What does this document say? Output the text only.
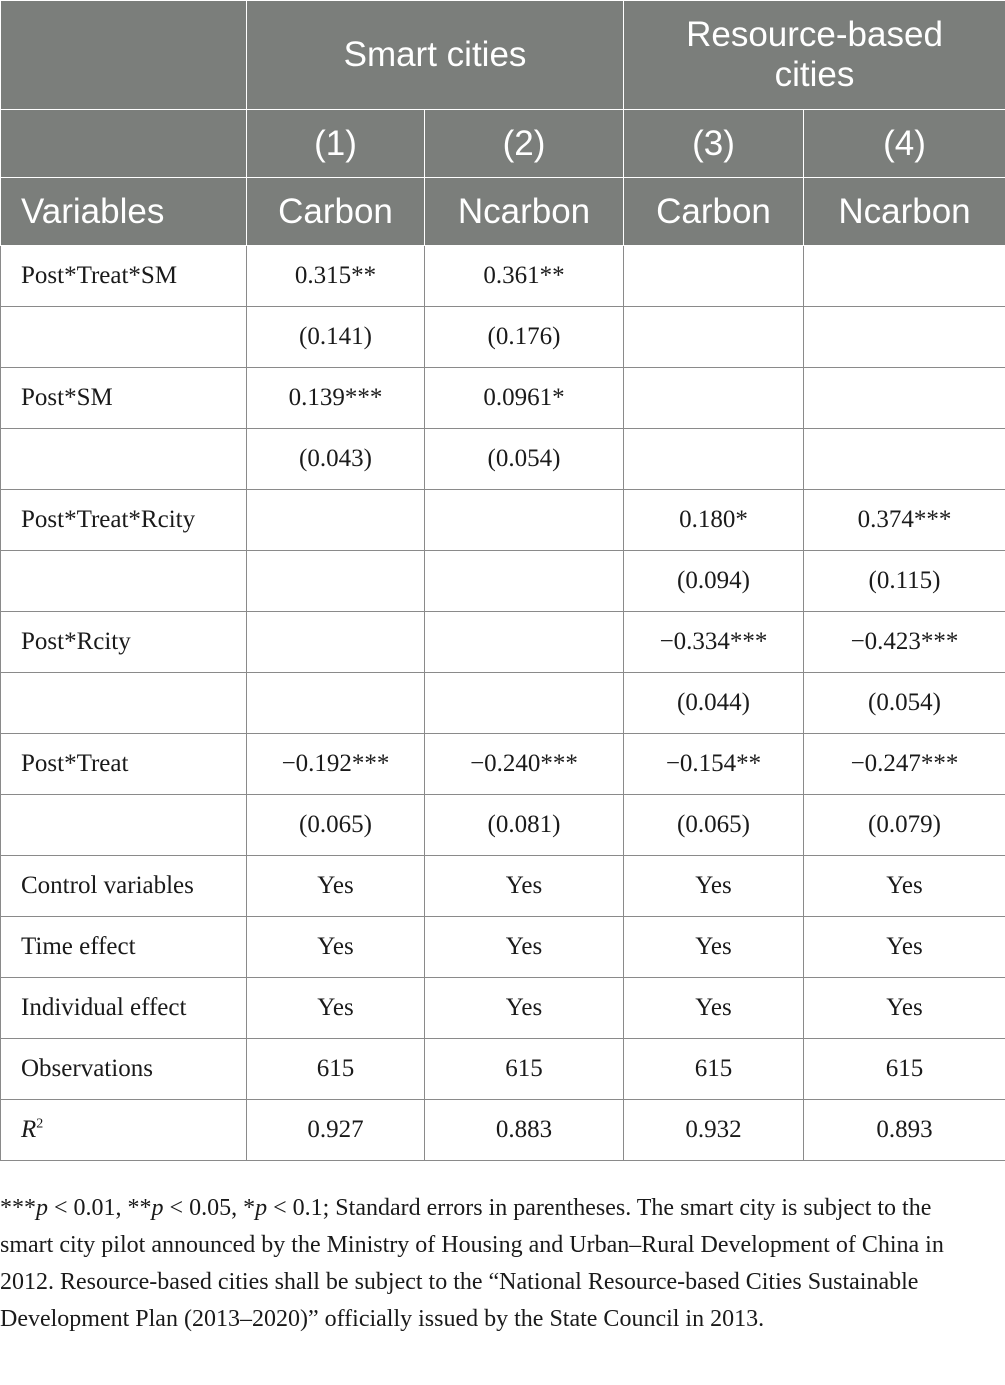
	Smart cities		Resource-based cities	
	(1)	(2)	(3)	(4)
Variables	Carbon	Ncarbon	Carbon	Ncarbon
Post*Treat*SM	0.315**	0.361**		
	(0.141)	(0.176)		
Post*SM	0.139***	0.0961*		
	(0.043)	(0.054)		
Post*Treat*Rcity			0.180*	0.374***
			(0.094)	(0.115)
Post*Rcity			−0.334***	−0.423***
			(0.044)	(0.054)
Post*Treat	−0.192***	−0.240***	−0.154**	−0.247***
	(0.065)	(0.081)	(0.065)	(0.079)
Control variables	Yes	Yes	Yes	Yes
Time effect	Yes	Yes	Yes	Yes
Individual effect	Yes	Yes	Yes	Yes
Observations	615	615	615	615
$R^2$	0.927	0.883	0.932	0.893
***p < 0.01, **p < 0.05, *p < 0.1; Standard errors in parentheses. The smart city is subject to the smart city pilot announced by the Ministry of Housing and Urban–Rural Development of China in 2012. Resource-based cities shall be subject to the “National Resource-based Cities Sustainable Development Plan (2013–2020)” officially issued by the State Council in 2013.
